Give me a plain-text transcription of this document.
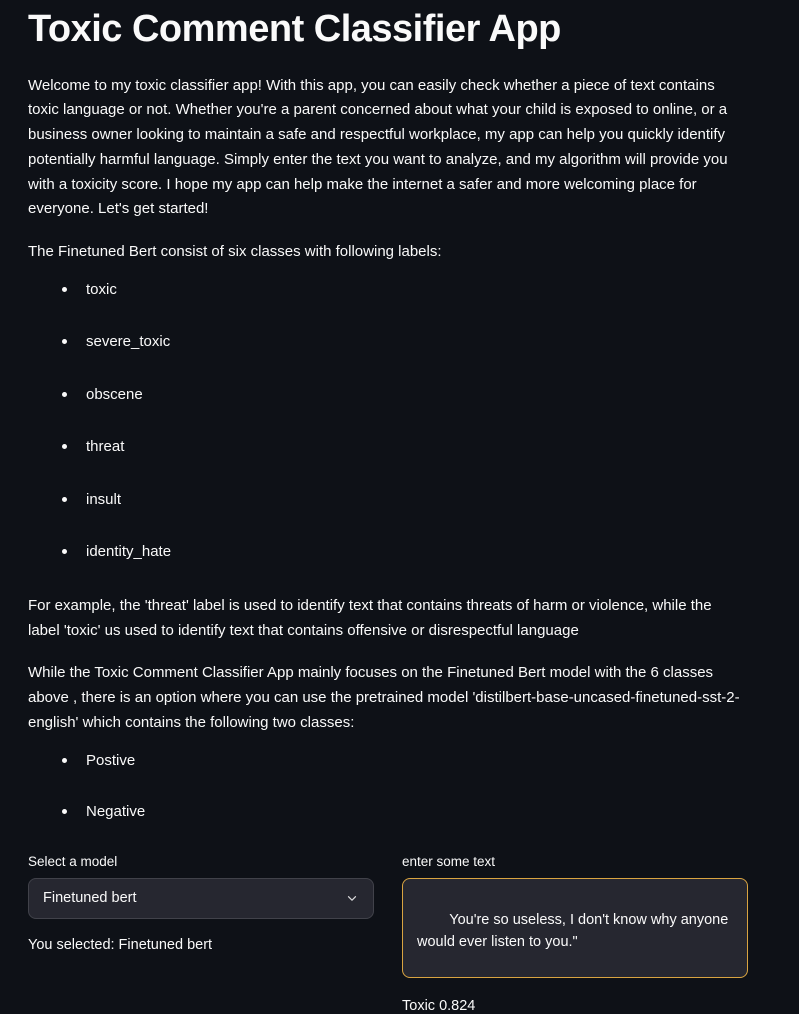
Toxic Comment Classifier App

Welcome to my toxic classifier app! With this app, you can easily check whether a piece of text contains toxic language or not. Whether you're a parent concerned about what your child is exposed to online, or a business owner looking to maintain a safe and respectful workplace, my app can help you quickly identify potentially harmful language. Simply enter the text you want to analyze, and my algorithm will provide you with a toxicity score. I hope my app can help make the internet a safer and more welcoming place for everyone. Let's get started!

The Finetuned Bert consist of six classes with following labels:

toxic
severe_toxic
obscene
threat
insult
identity_hate

For example, the 'threat' label is used to identify text that contains threats of harm or violence, while the label 'toxic' us used to identify text that contains offensive or disrespectful language

While the Toxic Comment Classifier App mainly focuses on the Finetuned Bert model with the 6 classes above , there is an option where you can use the pretrained model 'distilbert-base-uncased-finetuned-sst-2-english' which contains the following two classes:

Postive
Negative
Select a model
Finetuned bert
You selected: Finetuned bert
enter some text

You're so useless, I don't know why anyone would ever listen to you."

Toxic 0.824
